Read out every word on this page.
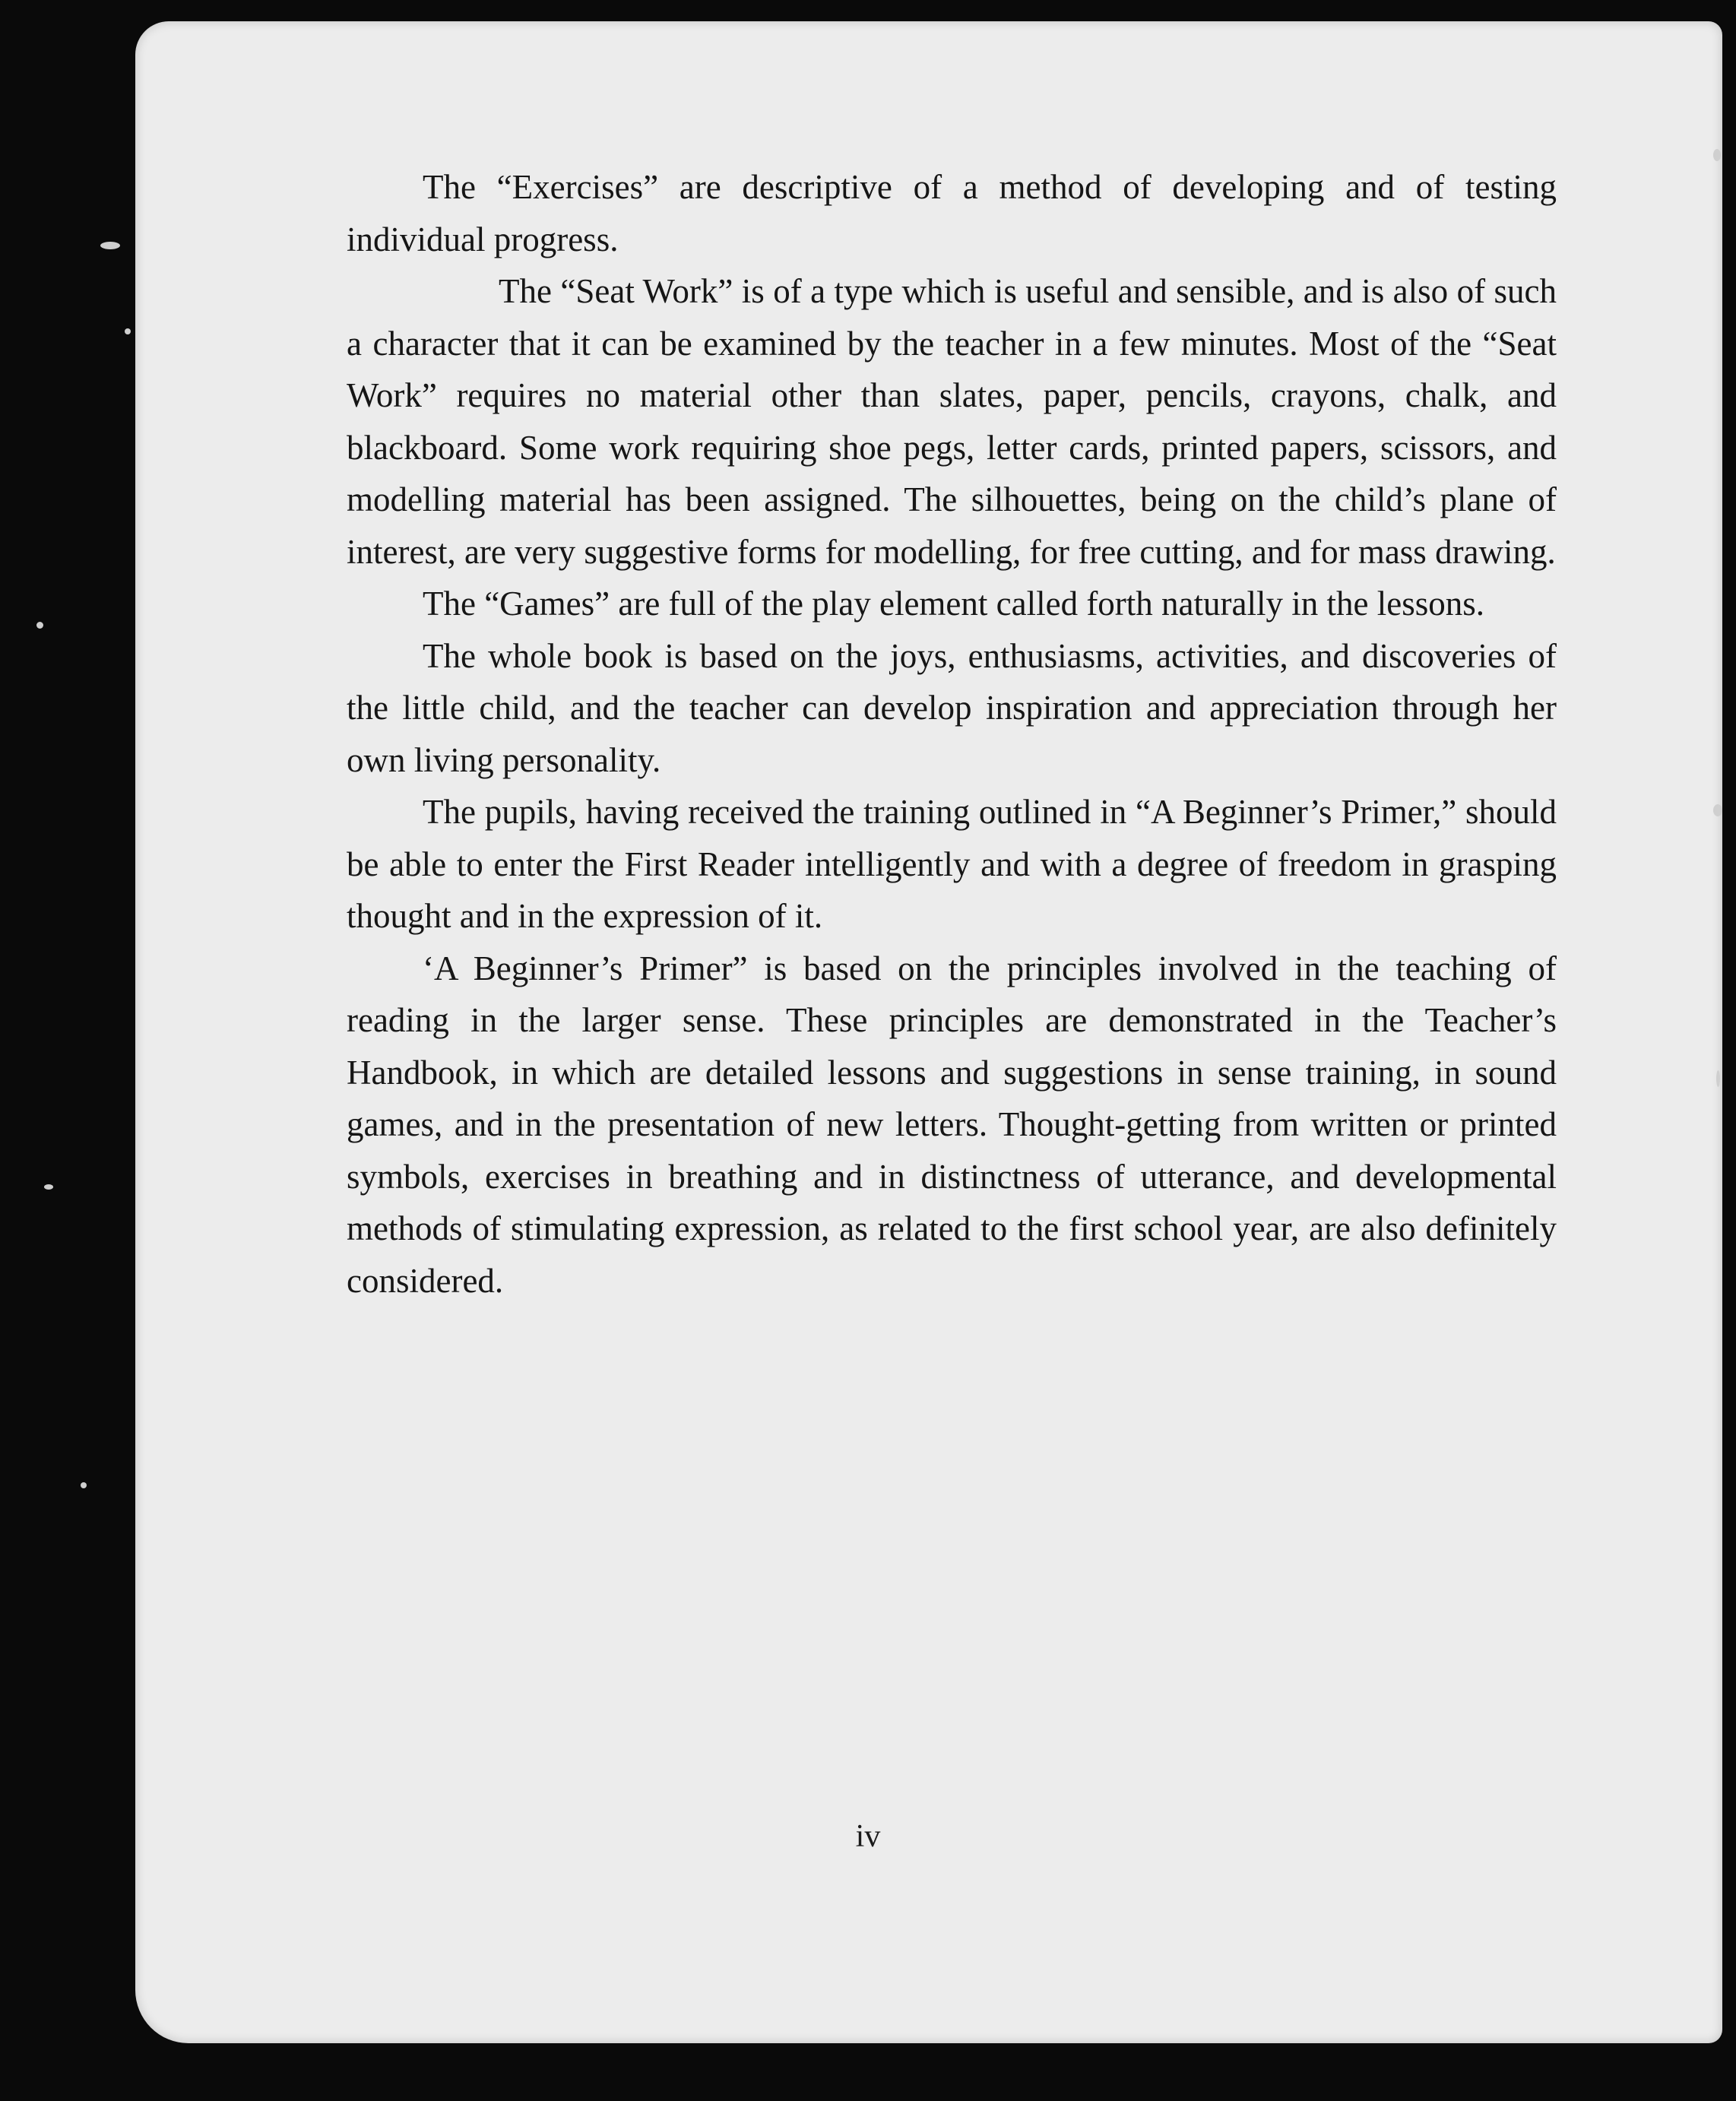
The “Exercises” are descriptive of a method of developing and of testing individual progress.

The “Seat Work” is of a type which is useful and sensible, and is also of such a character that it can be examined by the teacher in a few minutes. Most of the “Seat Work” requires no material other than slates, paper, pencils, crayons, chalk, and blackboard. Some work requiring shoe pegs, letter cards, printed papers, scissors, and modelling material has been assigned. The silhouettes, being on the child’s plane of interest, are very suggestive forms for modelling, for free cutting, and for mass drawing.

The “Games” are full of the play element called forth naturally in the lessons.

The whole book is based on the joys, enthusiasms, activities, and discoveries of the little child, and the teacher can develop inspiration and appreciation through her own living personality.

The pupils, having received the training outlined in “A Beginner’s Primer,” should be able to enter the First Reader intelligently and with a degree of freedom in grasping thought and in the expression of it.

‘A Beginner’s Primer” is based on the principles involved in the teaching of reading in the larger sense. These principles are demonstrated in the Teacher’s Handbook, in which are detailed lessons and suggestions in sense training, in sound games, and in the presentation of new letters. Thought-getting from written or printed symbols, exercises in breathing and in distinctness of utterance, and developmental methods of stimulating expression, as related to the first school year, are also definitely considered.

iv
